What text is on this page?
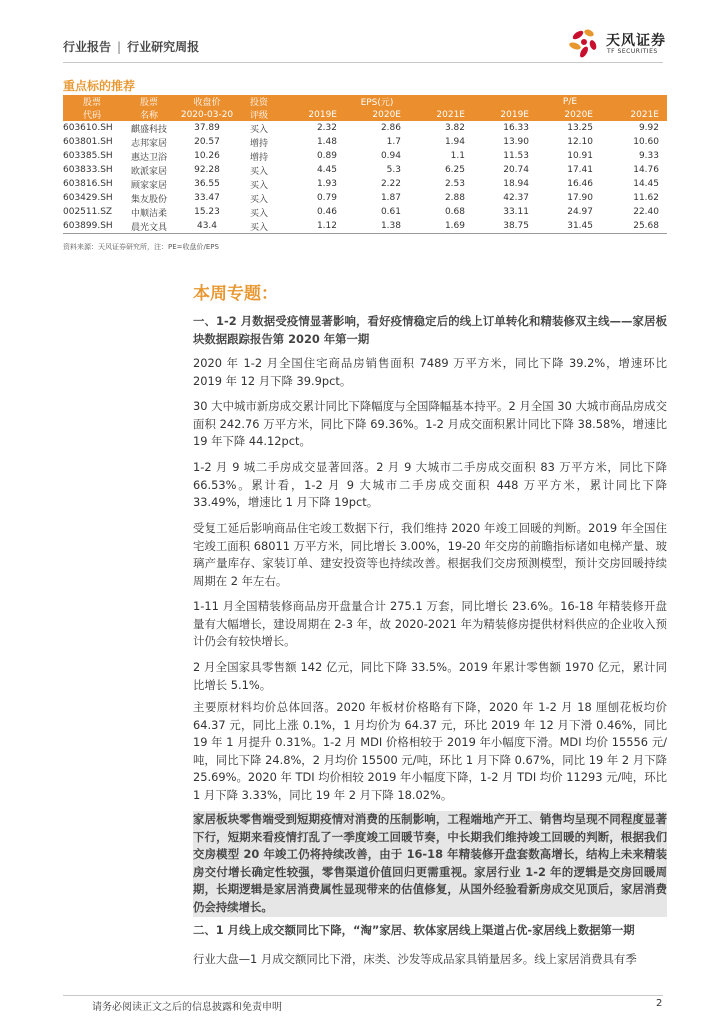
行业报告 | 行业研究周报	天风证券
TF SECURITIES
重点标的推荐
股票	股票	收盘价	投资	EPS(元)			P/E		
代码	名称	2020-03-20	评级	2019E	2020E	2021E	2019E	2020E	2021E
603610.SH	麒盛科技	37.89	买入	2.32	2.86	3.82	16.33	13.25	9.92
603801.SH	志邦家居	20.57	增持	1.48	1.7	1.94	13.90	12.10	10.60
603385.SH	惠达卫浴	10.26	增持	0.89	0.94	1.1	11.53	10.91	9.33
603833.SH	欧派家居	92.28	买入	4.45	5.3	6.25	20.74	17.41	14.76
603816.SH	顾家家居	36.55	买入	1.93	2.22	2.53	18.94	16.46	14.45
603429.SH	集友股份	33.47	买入	0.79	1.87	2.88	42.37	17.90	11.62
002511.SZ	中顺洁柔	15.23	买入	0.46	0.61	0.68	33.11	24.97	22.40
603899.SH	晨光文具	43.4	买入	1.12	1.38	1.69	38.75	31.45	25.68
资料来源：天风证券研究所，注：PE=收盘价/EPS
本周专题：

一、1-2 月数据受疫情显著影响，看好疫情稳定后的线上订单转化和精装修双主线——家居板块数据跟踪报告第 2020 年第一期

2020 年 1-2 月全国住宅商品房销售面积 7489 万平方米，同比下降 39.2%，增速环比 2019 年 12 月下降 39.9pct。

30 大中城市新房成交累计同比下降幅度与全国降幅基本持平。2 月全国 30 大城市商品房成交面积 242.76 万平方米，同比下降 69.36%。1-2 月成交面积累计同比下降 38.58%，增速比 19 年下降 44.12pct。

1-2 月 9 城二手房成交显著回落。2 月 9 大城市二手房成交面积 83 万平方米，同比下降 66.53%。累计看，1-2 月 9 大城市二手房成交面积 448 万平方米，累计同比下降 33.49%，增速比 1 月下降 19pct。

受复工延后影响商品住宅竣工数据下行，我们维持 2020 年竣工回暖的判断。2019 年全国住宅竣工面积 68011 万平方米，同比增长 3.00%，19-20 年交房的前瞻指标诸如电梯产量、玻璃产量库存、家装订单、建安投资等也持续改善。根据我们交房预测模型，预计交房回暖持续周期在 2 年左右。

1-11 月全国精装修商品房开盘量合计 275.1 万套，同比增长 23.6%。16-18 年精装修开盘量有大幅增长，建设周期在 2-3 年，故 2020-2021 年为精装修房提供材料供应的企业收入预计仍会有较快增长。

2 月全国家具零售额 142 亿元，同比下降 33.5%。2019 年累计零售额 1970 亿元，累计同比增长 5.1%。

主要原材料均价总体回落。2020 年板材价格略有下降，2020 年 1-2 月 18 厘刨花板均价 64.37 元，同比上涨 0.1%，1 月均价为 64.37 元，环比 2019 年 12 月下滑 0.46%，同比 19 年 1 月提升 0.31%。1-2 月 MDI 价格相较于 2019 年小幅度下滑。MDI 均价 15556 元/吨，同比下降 24.8%，2 月均价 15500 元/吨，环比 1 月下降 0.67%，同比 19 年 2 月下降 25.69%。2020 年 TDI 均价相较 2019 年小幅度下降，1-2 月 TDI 均价 11293 元/吨，环比 1 月下降 3.33%，同比 19 年 2 月下降 18.02%。

家居板块零售端受到短期疫情对消费的压制影响，工程端地产开工、销售均呈现不同程度显著下行，短期来看疫情打乱了一季度竣工回暖节奏，中长期我们维持竣工回暖的判断，根据我们交房模型 20 年竣工仍将持续改善，由于 16-18 年精装修开盘套数高增长，结构上未来精装房交付增长确定性较强，零售渠道价值回归更需重视。家居行业 1-2 年的逻辑是交房回暖周期，长期逻辑是家居消费属性显现带来的估值修复，从国外经验看新房成交见顶后，家居消费仍会持续增长。

二、1 月线上成交额同比下降，“淘”家居、软体家居线上渠道占优-家居线上数据第一期

行业大盘—1 月成交额同比下滑，床类、沙发等成品家具销量居多。线上家居消费具有季

请务必阅读正文之后的信息披露和免责申明	2
